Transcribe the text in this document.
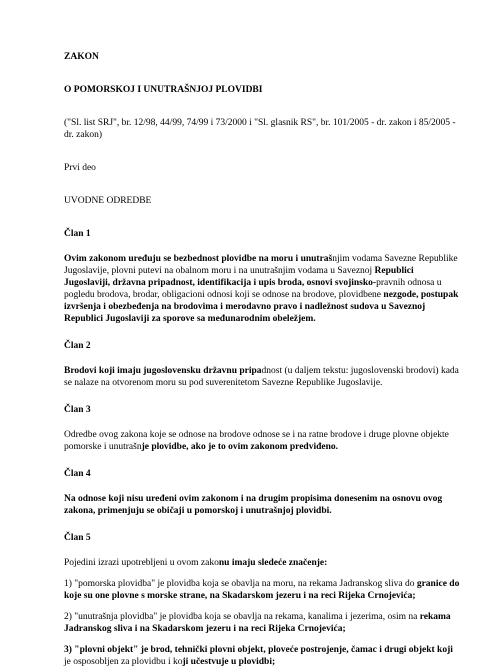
ZAKON

O POMORSKOJ I UNUTRAŠNJOJ PLOVIDBI

("Sl. list SRJ", br. 12/98, 44/99, 74/99 i 73/2000 i "Sl. glasnik RS", br. 101/2005 - dr. zakon i 85/2005 - dr. zakon)

Prvi deo

UVODNE ODREDBE

Član 1

Ovim zakonom uređuju se bezbednost plovidbe na moru i unutrašnjim vodama Savezne Republike Jugoslavije, plovni putevi na obalnom moru i na unutrašnjim vodama u Saveznoj Republici Jugoslaviji, državna pripadnost, identifikacija i upis broda, osnovi svojinsko-pravnih odnosa u pogledu brodova, brodar, obligacioni odnosi koji se odnose na brodove, plovidbene nezgode, postupak izvršenja i obezbeđenja na brodovima i merodavno pravo i nadležnost sudova u Saveznoj Republici Jugoslaviji za sporove sa međunarodnim obeležjem.

Član 2

Brodovi koji imaju jugoslovensku državnu pripadnost (u daljem tekstu: jugoslovenski brodovi) kada se nalaze na otvorenom moru su pod suverenitetom Savezne Republike Jugoslavije.

Član 3

Odredbe ovog zakona koje se odnose na brodove odnose se i na ratne brodove i druge plovne objekte pomorske i unutrašnje plovidbe, ako je to ovim zakonom predviđeno.

Član 4

Na odnose koji nisu uređeni ovim zakonom i na drugim propisima donesenim na osnovu ovog zakona, primenjuju se običaji u pomorskoj i unutrašnjoj plovidbi.

Član 5

Pojedini izrazi upotrebljeni u ovom zakonu imaju sledeće značenje:

1) "pomorska plovidba" je plovidba koja se obavlja na moru, na rekama Jadranskog sliva do granice do koje su one plovne s morske strane, na Skadarskom jezeru i na reci Rijeka Crnojevića;

2) "unutrašnja plovidba" je plovidba koja se obavlja na rekama, kanalima i jezerima, osim na rekama Jadranskog sliva i na Skadarskom jezeru i na reci Rijeka Crnojevića;

3) "plovni objekt" je brod, tehnički plovni objekt, ploveće postrojenje, čamac i drugi objekt koji je osposobljen za plovidbu i koji učestvuje u plovidbi;
